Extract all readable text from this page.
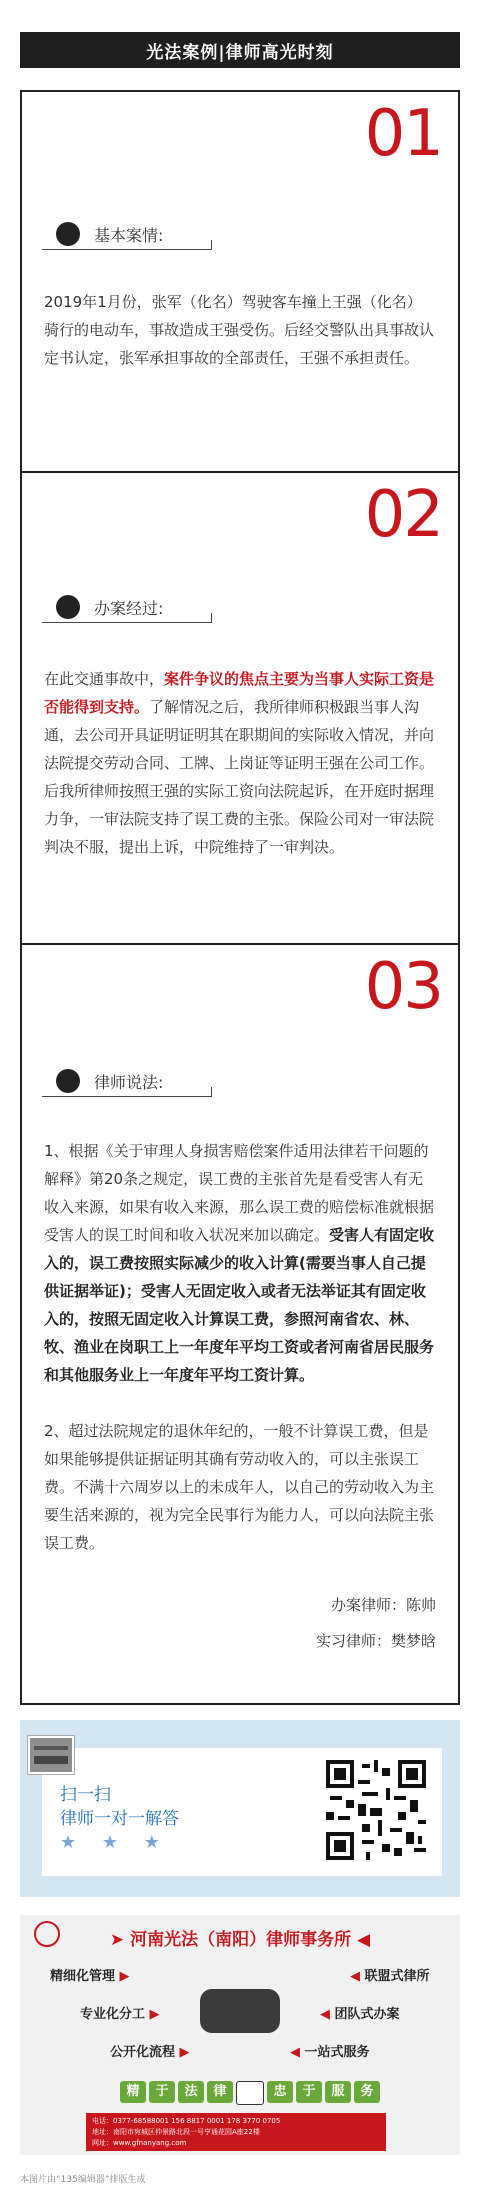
光法案例|律师高光时刻
01
基本案情:

2019年1月份，张军（化名）驾驶客车撞上王强（化名）骑行的电动车，事故造成王强受伤。后经交警队出具事故认定书认定，张军承担事故的全部责任，王强不承担责任。

02
办案经过:

在此交通事故中，案件争议的焦点主要为当事人实际工资是否能得到支持。了解情况之后，我所律师积极跟当事人沟通，去公司开具证明证明其在职期间的实际收入情况，并向法院提交劳动合同、工牌、上岗证等证明王强在公司工作。

后我所律师按照王强的实际工资向法院起诉，在开庭时据理力争，一审法院支持了误工费的主张。保险公司对一审法院判决不服，提出上诉，中院维持了一审判决。

03
律师说法:

1、根据《关于审理人身损害赔偿案件适用法律若干问题的解释》第20条之规定，误工费的主张首先是看受害人有无收入来源，如果有收入来源，那么误工费的赔偿标准就根据受害人的误工时间和收入状况来加以确定。受害人有固定收入的，误工费按照实际减少的收入计算(需要当事人自己提供证据举证)；受害人无固定收入或者无法举证其有固定收入的，按照无固定收入计算误工费，参照河南省农、林、牧、渔业在岗职工上一年度年平均工资或者河南省居民服务和其他服务业上一年度年平均工资计算。

2、超过法院规定的退休年纪的，一般不计算误工费，但是如果能够提供证据证明其确有劳动收入的，可以主张误工费。不满十六周岁以上的未成年人，以自己的劳动收入为主要生活来源的，视为完全民事行为能力人，可以向法院主张误工费。

办案律师：陈帅
实习律师：樊梦晗
扫一扫
律师一对一解答
★ ★ ★
➤ 河南光法（南阳）律师事务所 ◀
精细化管理 ▶
专业化分工 ▶
公开化流程 ▶
◀ 联盟式律所
◀ 团队式办案
◀ 一站式服务
精	于	法	律	忠	于	服	务
电话：0377-68588001 156 8817 0001 178 3770 0705
地址：南阳市宛城区仲景路北段一号亨通花园A座22楼
网址：www.gfnanyang.com
本图片由“135编辑器”排版生成
